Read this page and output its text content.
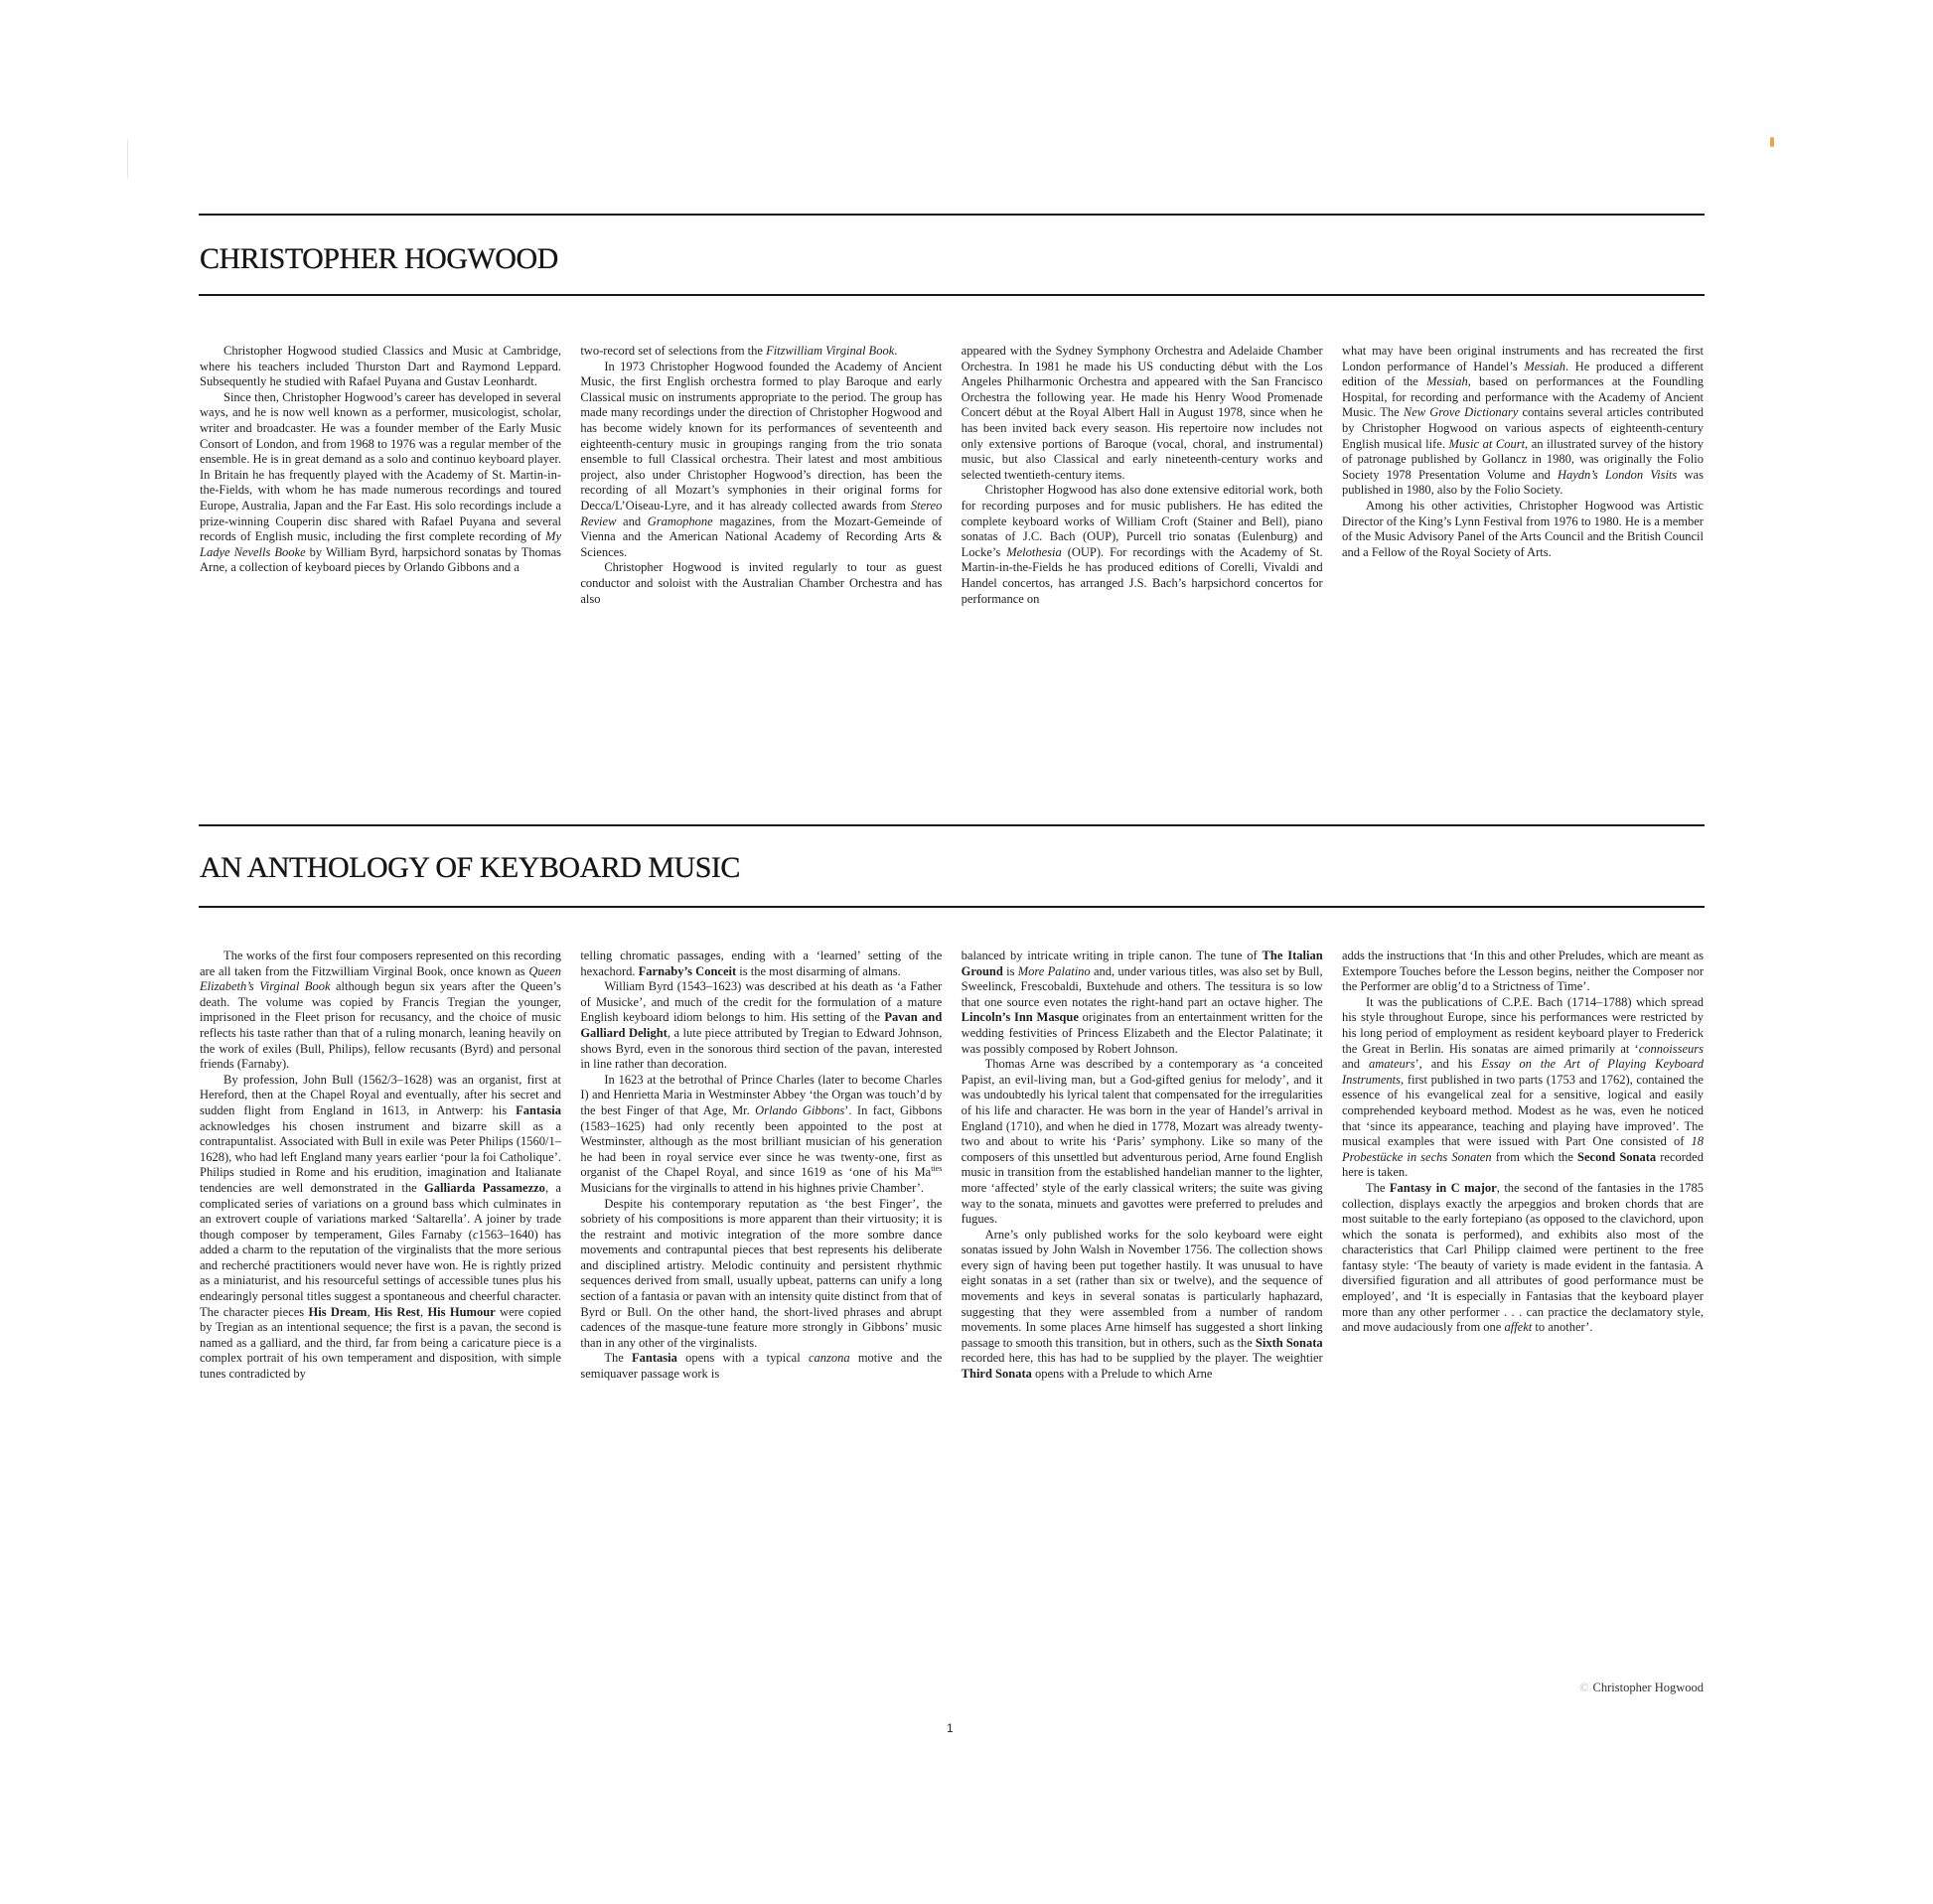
CHRISTOPHER HOGWOOD

Christopher Hogwood studied Classics and Music at Cambridge, where his teachers included Thurston Dart and Raymond Leppard. Subsequently he studied with Rafael Puyana and Gustav Leonhardt.

Since then, Christopher Hogwood’s career has developed in several ways, and he is now well known as a performer, musicologist, scholar, writer and broadcaster. He was a founder member of the Early Music Consort of London, and from 1968 to 1976 was a regular member of the ensemble. He is in great demand as a solo and continuo keyboard player. In Britain he has frequently played with the Academy of St. Martin-in-the-Fields, with whom he has made numerous recordings and toured Europe, Australia, Japan and the Far East. His solo recordings include a prize-winning Couperin disc shared with Rafael Puyana and several records of English music, including the first complete recording of My Ladye Nevells Booke by William Byrd, harpsichord sonatas by Thomas Arne, a collection of keyboard pieces by Orlando Gibbons and a

two-record set of selections from the Fitzwilliam Virginal Book.

In 1973 Christopher Hogwood founded the Academy of Ancient Music, the first English orchestra formed to play Baroque and early Classical music on instruments appropriate to the period. The group has made many recordings under the direction of Christopher Hogwood and has become widely known for its performances of seventeenth and eighteenth-century music in groupings ranging from the trio sonata ensemble to full Classical orchestra. Their latest and most ambitious project, also under Christopher Hogwood’s direction, has been the recording of all Mozart’s symphonies in their original forms for Decca/L’Oiseau-Lyre, and it has already collected awards from Stereo Review and Gramophone magazines, from the Mozart-Gemeinde of Vienna and the American National Academy of Recording Arts & Sciences.

Christopher Hogwood is invited regularly to tour as guest conductor and soloist with the Australian Chamber Orchestra and has also

appeared with the Sydney Symphony Orchestra and Adelaide Chamber Orchestra. In 1981 he made his US conducting début with the Los Angeles Philharmonic Orchestra and appeared with the San Francisco Orchestra the following year. He made his Henry Wood Promenade Concert début at the Royal Albert Hall in August 1978, since when he has been invited back every season. His repertoire now includes not only extensive portions of Baroque (vocal, choral, and instrumental) music, but also Classical and early nineteenth-century works and selected twentieth-century items.

Christopher Hogwood has also done extensive editorial work, both for recording purposes and for music publishers. He has edited the complete keyboard works of William Croft (Stainer and Bell), piano sonatas of J.C. Bach (OUP), Purcell trio sonatas (Eulenburg) and Locke’s Melothesia (OUP). For recordings with the Academy of St. Martin-in-the-Fields he has produced editions of Corelli, Vivaldi and Handel concertos, has arranged J.S. Bach’s harpsichord concertos for performance on

what may have been original instruments and has recreated the first London performance of Handel’s Messiah. He produced a different edition of the Messiah, based on performances at the Foundling Hospital, for recording and performance with the Academy of Ancient Music. The New Grove Dictionary contains several articles contributed by Christopher Hogwood on various aspects of eighteenth-century English musical life. Music at Court, an illustrated survey of the history of patronage published by Gollancz in 1980, was originally the Folio Society 1978 Presentation Volume and Haydn’s London Visits was published in 1980, also by the Folio Society.

Among his other activities, Christopher Hogwood was Artistic Director of the King’s Lynn Festival from 1976 to 1980. He is a member of the Music Advisory Panel of the Arts Council and the British Council and a Fellow of the Royal Society of Arts.

AN ANTHOLOGY OF KEYBOARD MUSIC

The works of the first four composers represented on this recording are all taken from the Fitzwilliam Virginal Book, once known as Queen Elizabeth’s Virginal Book although begun six years after the Queen’s death. The volume was copied by Francis Tregian the younger, imprisoned in the Fleet prison for recusancy, and the choice of music reflects his taste rather than that of a ruling monarch, leaning heavily on the work of exiles (Bull, Philips), fellow recusants (Byrd) and personal friends (Farnaby).

By profession, John Bull (1562/3–1628) was an organist, first at Hereford, then at the Chapel Royal and eventually, after his secret and sudden flight from England in 1613, in Antwerp: his Fantasia acknowledges his chosen instrument and bizarre skill as a contrapuntalist. Associated with Bull in exile was Peter Philips (1560/1–1628), who had left England many years earlier ‘pour la foi Catholique’. Philips studied in Rome and his erudition, imagination and Italianate tendencies are well demonstrated in the Galliarda Passamezzo, a complicated series of variations on a ground bass which culminates in an extrovert couple of variations marked ‘Saltarella’. A joiner by trade though composer by temperament, Giles Farnaby (c1563–1640) has added a charm to the reputation of the virginalists that the more serious and recherché practitioners would never have won. He is rightly prized as a miniaturist, and his resourceful settings of accessible tunes plus his endearingly personal titles suggest a spontaneous and cheerful character. The character pieces His Dream, His Rest, His Humour were copied by Tregian as an intentional sequence; the first is a pavan, the second is named as a galliard, and the third, far from being a caricature piece is a complex portrait of his own temperament and disposition, with simple tunes contradicted by

telling chromatic passages, ending with a ‘learned’ setting of the hexachord. Farnaby’s Conceit is the most disarming of almans.

William Byrd (1543–1623) was described at his death as ‘a Father of Musicke’, and much of the credit for the formulation of a mature English keyboard idiom belongs to him. His setting of the Pavan and Galliard Delight, a lute piece attributed by Tregian to Edward Johnson, shows Byrd, even in the sonorous third section of the pavan, interested in line rather than decoration.

In 1623 at the betrothal of Prince Charles (later to become Charles I) and Henrietta Maria in Westminster Abbey ‘the Organ was touch’d by the best Finger of that Age, Mr. Orlando Gibbons’. In fact, Gibbons (1583–1625) had only recently been appointed to the post at Westminster, although as the most brilliant musician of his generation he had been in royal service ever since he was twenty-one, first as organist of the Chapel Royal, and since 1619 as ‘one of his $Ma^{ties}$ Musicians for the virginalls to attend in his highnes privie Chamber’.

Despite his contemporary reputation as ‘the best Finger’, the sobriety of his compositions is more apparent than their virtuosity; it is the restraint and motivic integration of the more sombre dance movements and contrapuntal pieces that best represents his deliberate and disciplined artistry. Melodic continuity and persistent rhythmic sequences derived from small, usually upbeat, patterns can unify a long section of a fantasia or pavan with an intensity quite distinct from that of Byrd or Bull. On the other hand, the short-lived phrases and abrupt cadences of the masque-tune feature more strongly in Gibbons’ music than in any other of the virginalists.

The Fantasia opens with a typical canzona motive and the semiquaver passage work is

balanced by intricate writing in triple canon. The tune of The Italian Ground is More Palatino and, under various titles, was also set by Bull, Sweelinck, Frescobaldi, Buxtehude and others. The tessitura is so low that one source even notates the right-hand part an octave higher. The Lincoln’s Inn Masque originates from an entertainment written for the wedding festivities of Princess Elizabeth and the Elector Palatinate; it was possibly composed by Robert Johnson.

Thomas Arne was described by a contemporary as ‘a conceited Papist, an evil-living man, but a God-gifted genius for melody’, and it was undoubtedly his lyrical talent that compensated for the irregularities of his life and character. He was born in the year of Handel’s arrival in England (1710), and when he died in 1778, Mozart was already twenty-two and about to write his ‘Paris’ symphony. Like so many of the composers of this unsettled but adventurous period, Arne found English music in transition from the established handelian manner to the lighter, more ‘affected’ style of the early classical writers; the suite was giving way to the sonata, minuets and gavottes were preferred to preludes and fugues.

Arne’s only published works for the solo keyboard were eight sonatas issued by John Walsh in November 1756. The collection shows every sign of having been put together hastily. It was unusual to have eight sonatas in a set (rather than six or twelve), and the sequence of movements and keys in several sonatas is particularly haphazard, suggesting that they were assembled from a number of random movements. In some places Arne himself has suggested a short linking passage to smooth this transition, but in others, such as the Sixth Sonata recorded here, this has had to be supplied by the player. The weightier Third Sonata opens with a Prelude to which Arne

adds the instructions that ‘In this and other Preludes, which are meant as Extempore Touches before the Lesson begins, neither the Composer nor the Performer are oblig’d to a Strictness of Time’.

It was the publications of C.P.E. Bach (1714–1788) which spread his style throughout Europe, since his performances were restricted by his long period of employment as resident keyboard player to Frederick the Great in Berlin. His sonatas are aimed primarily at ‘connoisseurs and amateurs’, and his Essay on the Art of Playing Keyboard Instruments, first published in two parts (1753 and 1762), contained the essence of his evangelical zeal for a sensitive, logical and easily comprehended keyboard method. Modest as he was, even he noticed that ‘since its appearance, teaching and playing have improved’. The musical examples that were issued with Part One consisted of 18 Probestücke in sechs Sonaten from which the Second Sonata recorded here is taken.

The Fantasy in C major, the second of the fantasies in the 1785 collection, displays exactly the arpeggios and broken chords that are most suitable to the early fortepiano (as opposed to the clavichord, upon which the sonata is performed), and exhibits also most of the characteristics that Carl Philipp claimed were pertinent to the free fantasy style: ‘The beauty of variety is made evident in the fantasia. A diversified figuration and all attributes of good performance must be employed’, and ‘It is especially in Fantasias that the keyboard player more than any other performer . . . can practice the declamatory style, and move audaciously from one affekt to another’.

© Christopher Hogwood
1
